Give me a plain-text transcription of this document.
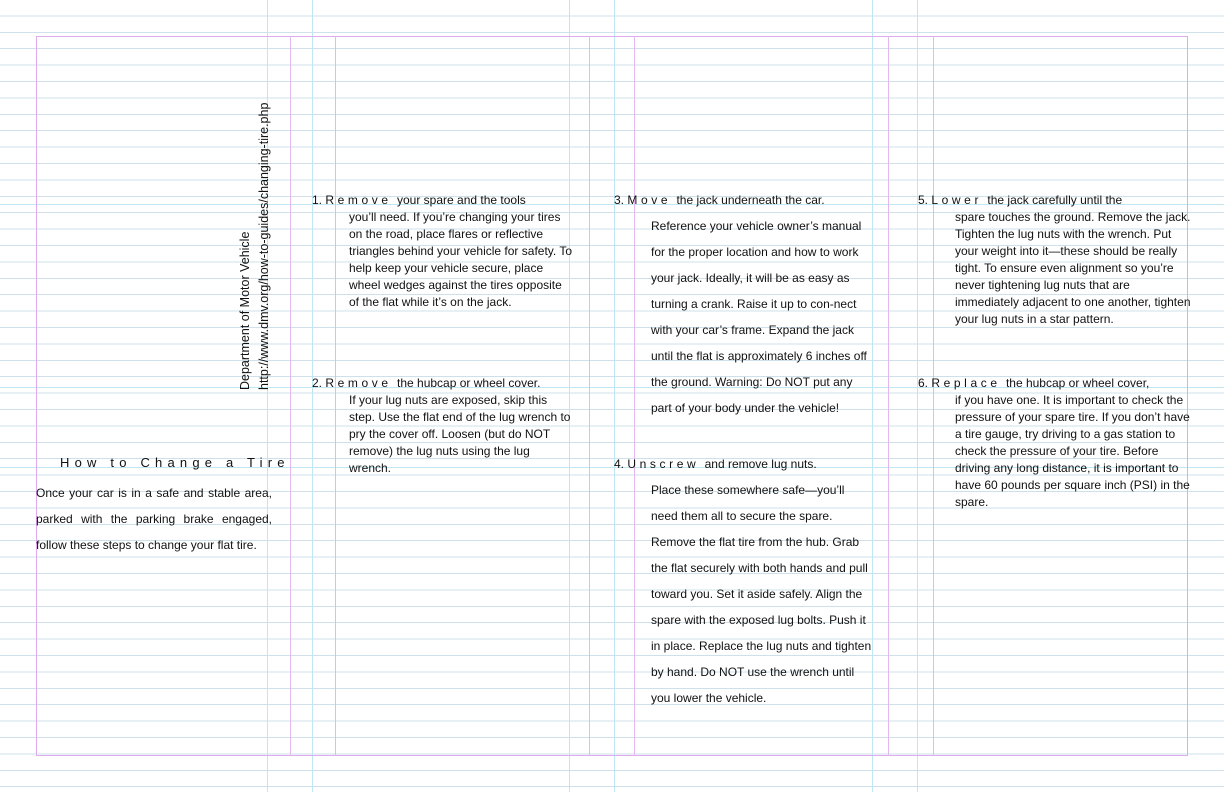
Department of Motor Vehicle http://www.dmv.org/how-to-guides/changing-tire.php
How to Change a Tire

Once your car is in a safe and stable area, parked with the parking brake engaged, follow these steps to change your flat tire.

1. Remove your spare and the tools

you’ll need. If you’re changing your tires on the road, place flares or reflective triangles behind your vehicle for safety. To help keep your vehicle secure, place wheel wedges against the tires opposite of the flat while it’s on the jack.

2. Remove the hubcap or wheel cover.

If your lug nuts are exposed, skip this step. Use the flat end of the lug wrench to pry the cover off. Loosen (but do NOT remove) the lug nuts using the lug wrench.

3. Move the jack underneath the car.

Reference your vehicle owner’s manual for the proper location and how to work your jack. Ideally, it will be as easy as turning a crank. Raise it up to con-nect with your car’s frame. Expand the jack until the flat is approximately 6 inches off the ground. Warning: Do NOT put any part of your body under the vehicle!

4. Unscrew and remove lug nuts.

Place these somewhere safe—you’ll need them all to secure the spare. Remove the flat tire from the hub. Grab the flat securely with both hands and pull toward you. Set it aside safely. Align the spare with the exposed lug bolts. Push it in place. Replace the lug nuts and tighten by hand. Do NOT use the wrench until you lower the vehicle.

5. Lower the jack carefully until the

spare touches the ground. Remove the jack. Tighten the lug nuts with the wrench. Put your weight into it—these should be really tight. To ensure even alignment so you’re never tightening lug nuts that are immediately adjacent to one another, tighten your lug nuts in a star pattern.

6. Replace the hubcap or wheel cover,

if you have one. It is important to check the pressure of your spare tire. If you don’t have a tire gauge, try driving to a gas station to check the pressure of your tire. Before driving any long distance, it is important to have 60 pounds per square inch (PSI) in the spare.
